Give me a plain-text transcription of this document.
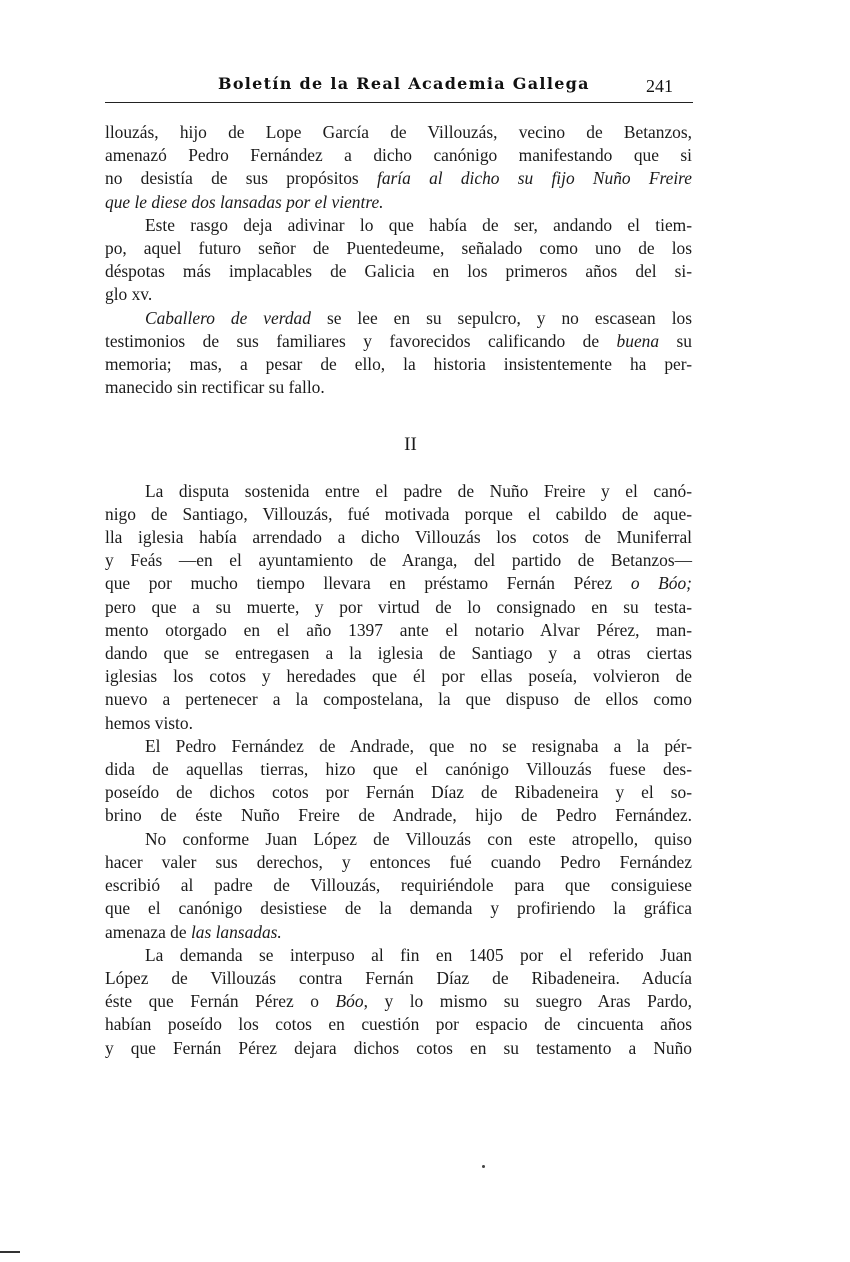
Boletín de la Real Academia Gallega	241
llouzás, hijo de Lope García de Villouzás, vecino de Betanzos,
amenazó Pedro Fernández a dicho canónigo manifestando que si
no desistía de sus propósitos faría al dicho su fijo Nuño Freire
que le diese dos lansadas por el vientre.
Este rasgo deja adivinar lo que había de ser, andando el tiem-
po, aquel futuro señor de Puentedeume, señalado como uno de los
déspotas más implacables de Galicia en los primeros años del si-
glo xv.
Caballero de verdad se lee en su sepulcro, y no escasean los
testimonios de sus familiares y favorecidos calificando de buena su
memoria; mas, a pesar de ello, la historia insistentemente ha per-
manecido sin rectificar su fallo.
II
La disputa sostenida entre el padre de Nuño Freire y el canó-
nigo de Santiago, Villouzás, fué motivada porque el cabildo de aque-
lla iglesia había arrendado a dicho Villouzás los cotos de Muniferral
y Feás —en el ayuntamiento de Aranga, del partido de Betanzos—
que por mucho tiempo llevara en préstamo Fernán Pérez o Bóo;
pero que a su muerte, y por virtud de lo consignado en su testa-
mento otorgado en el año 1397 ante el notario Alvar Pérez, man-
dando que se entregasen a la iglesia de Santiago y a otras ciertas
iglesias los cotos y heredades que él por ellas poseía, volvieron de
nuevo a pertenecer a la compostelana, la que dispuso de ellos como
hemos visto.
El Pedro Fernández de Andrade, que no se resignaba a la pér-
dida de aquellas tierras, hizo que el canónigo Villouzás fuese des-
poseído de dichos cotos por Fernán Díaz de Ribadeneira y el so-
brino de éste Nuño Freire de Andrade, hijo de Pedro Fernández.
No conforme Juan López de Villouzás con este atropello, quiso
hacer valer sus derechos, y entonces fué cuando Pedro Fernández
escribió al padre de Villouzás, requiriéndole para que consiguiese
que el canónigo desistiese de la demanda y profiriendo la gráfica
amenaza de las lansadas.
La demanda se interpuso al fin en 1405 por el referido Juan
López de Villouzás contra Fernán Díaz de Ribadeneira. Aducía
éste que Fernán Pérez o Bóo, y lo mismo su suegro Aras Pardo,
habían poseído los cotos en cuestión por espacio de cincuenta años
y que Fernán Pérez dejara dichos cotos en su testamento a Nuño
